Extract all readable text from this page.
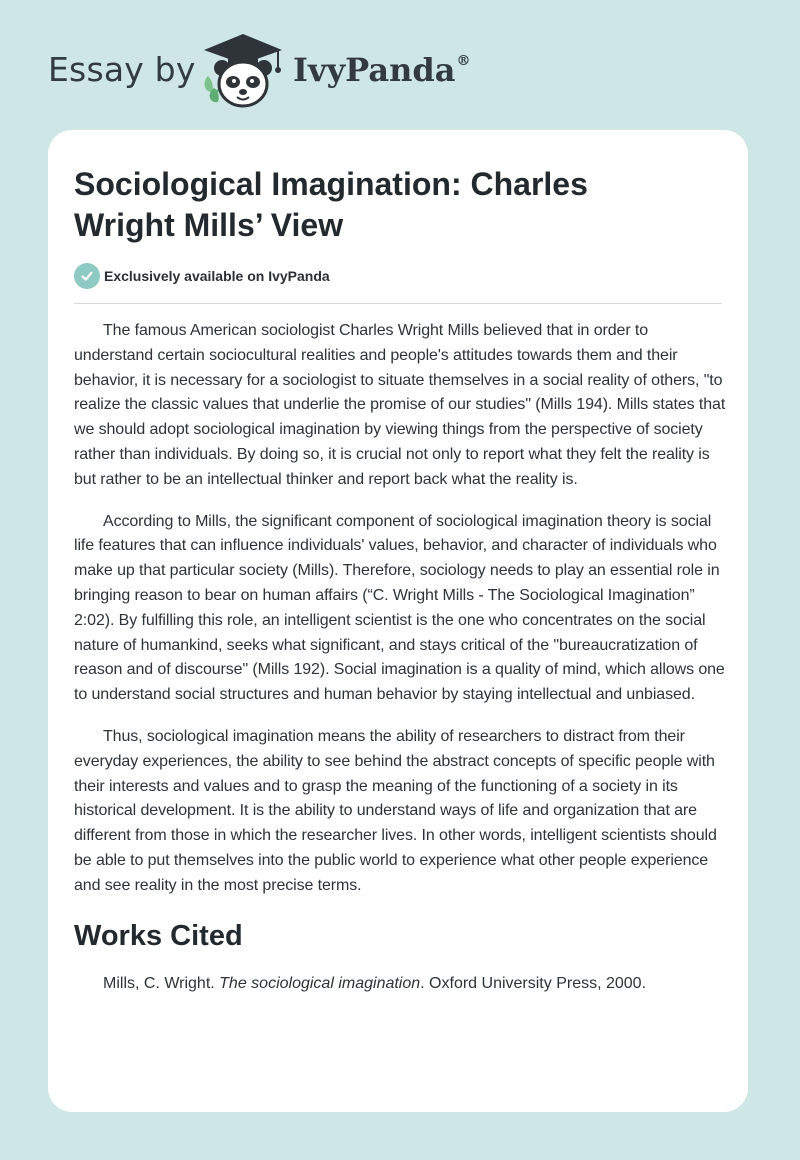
Essay by	IvyPanda®
Sociological Imagination: Charles Wright Mills’ View
Exclusively available on IvyPanda

The famous American sociologist Charles Wright Mills believed that in order to understand certain sociocultural realities and people's attitudes towards them and their behavior, it is necessary for a sociologist to situate themselves in a social reality of others, "to realize the classic values that underlie the promise of our studies" (Mills 194). Mills states that we should adopt sociological imagination by viewing things from the perspective of society rather than individuals. By doing so, it is crucial not only to report what they felt the reality is but rather to be an intellectual thinker and report back what the reality is.

According to Mills, the significant component of sociological imagination theory is social life features that can influence individuals' values, behavior, and character of individuals who make up that particular society (Mills). Therefore, sociology needs to play an essential role in bringing reason to bear on human affairs (“C. Wright Mills - The Sociological Imagination” 2:02). By fulfilling this role, an intelligent scientist is the one who concentrates on the social nature of humankind, seeks what significant, and stays critical of the "bureaucratization of reason and of discourse" (Mills 192). Social imagination is a quality of mind, which allows one to understand social structures and human behavior by staying intellectual and unbiased.

Thus, sociological imagination means the ability of researchers to distract from their everyday experiences, the ability to see behind the abstract concepts of specific people with their interests and values and to grasp the meaning of the functioning of a society in its historical development. It is the ability to understand ways of life and organization that are different from those in which the researcher lives. In other words, intelligent scientists should be able to put themselves into the public world to experience what other people experience and see reality in the most precise terms.

Works Cited

Mills, C. Wright. The sociological imagination. Oxford University Press, 2000.
